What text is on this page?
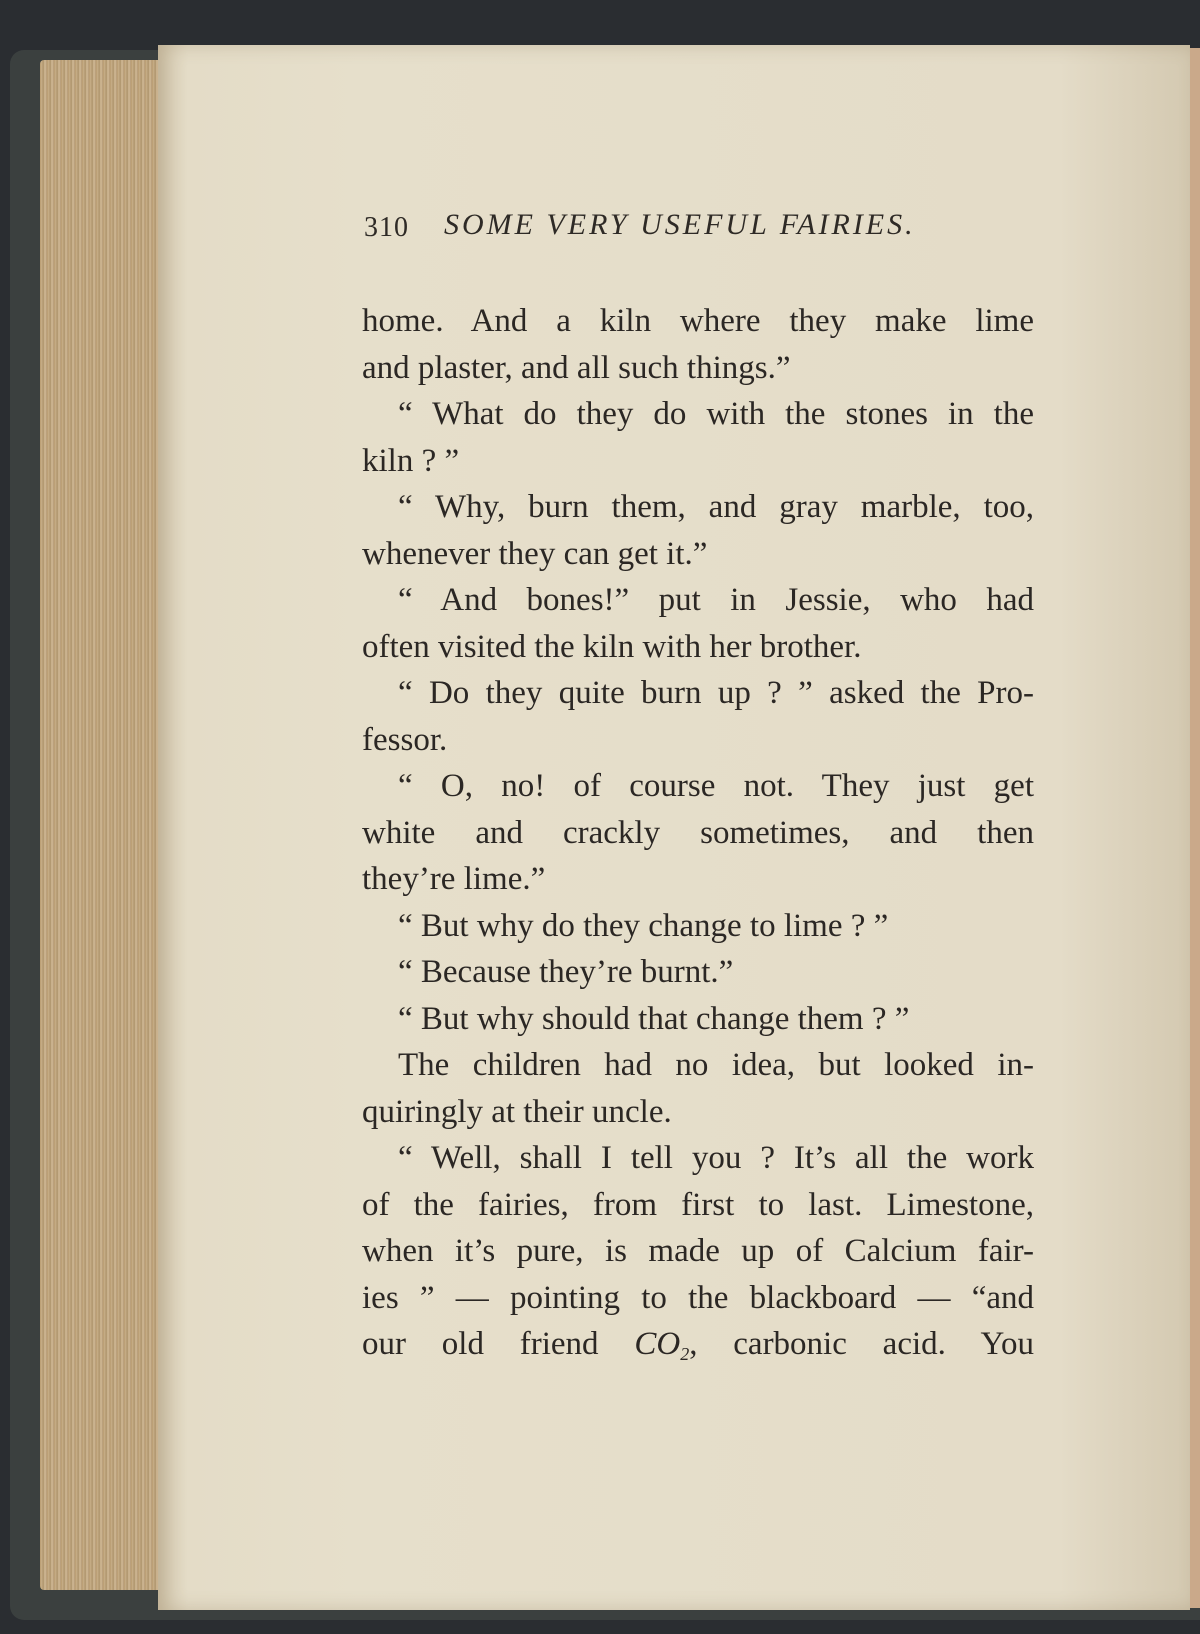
310 SOME VERY USEFUL FAIRIES.
home. And a kiln where they make lime
and plaster, and all such things.”
“ What do they do with the stones in the
kiln ? ”
“ Why, burn them, and gray marble, too,
whenever they can get it.”
“ And bones!” put in Jessie, who had
often visited the kiln with her brother.
“ Do they quite burn up ? ” asked the Pro-
fessor.
“ O, no! of course not. They just get
white and crackly sometimes, and then
they’re lime.”
“ But why do they change to lime ? ”
“ Because they’re burnt.”
“ But why should that change them ? ”
The children had no idea, but looked in-
quiringly at their uncle.
“ Well, shall I tell you ? It’s all the work
of the fairies, from first to last. Limestone,
when it’s pure, is made up of Calcium fair-
ies ” — pointing to the blackboard — “and
our old friend $CO_2$, carbonic acid. You
